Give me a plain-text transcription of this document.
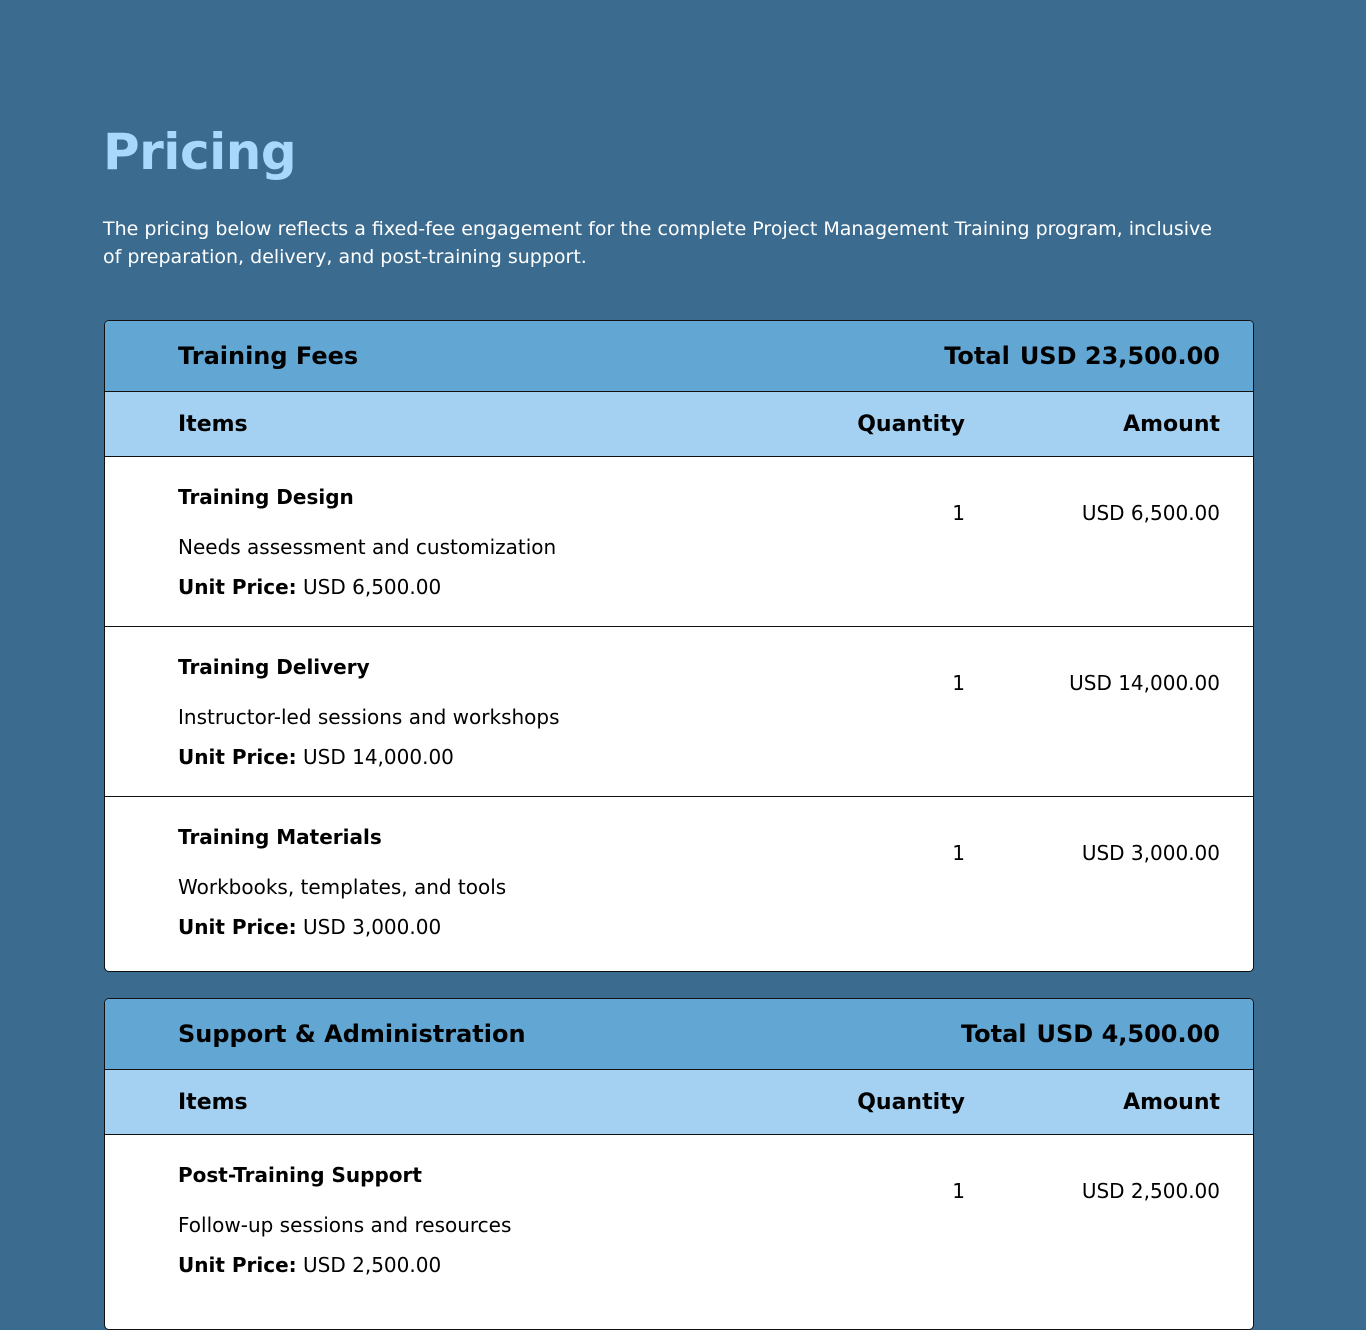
Pricing

The pricing below reflects a fixed-fee engagement for the complete Project Management Training program, inclusive of preparation, delivery, and post-training support.

Training Fees	Total USD 23,500.00
Items	Quantity	Amount
Training Design
Needs assessment and customization
Unit Price: USD 6,500.00
1	USD 6,500.00
Training Delivery
Instructor-led sessions and workshops
Unit Price: USD 14,000.00
1	USD 14,000.00
Training Materials
Workbooks, templates, and tools
Unit Price: USD 3,000.00
1	USD 3,000.00
Support & Administration	Total USD 4,500.00
Items	Quantity	Amount
Post-Training Support
Follow-up sessions and resources
Unit Price: USD 2,500.00
1	USD 2,500.00
